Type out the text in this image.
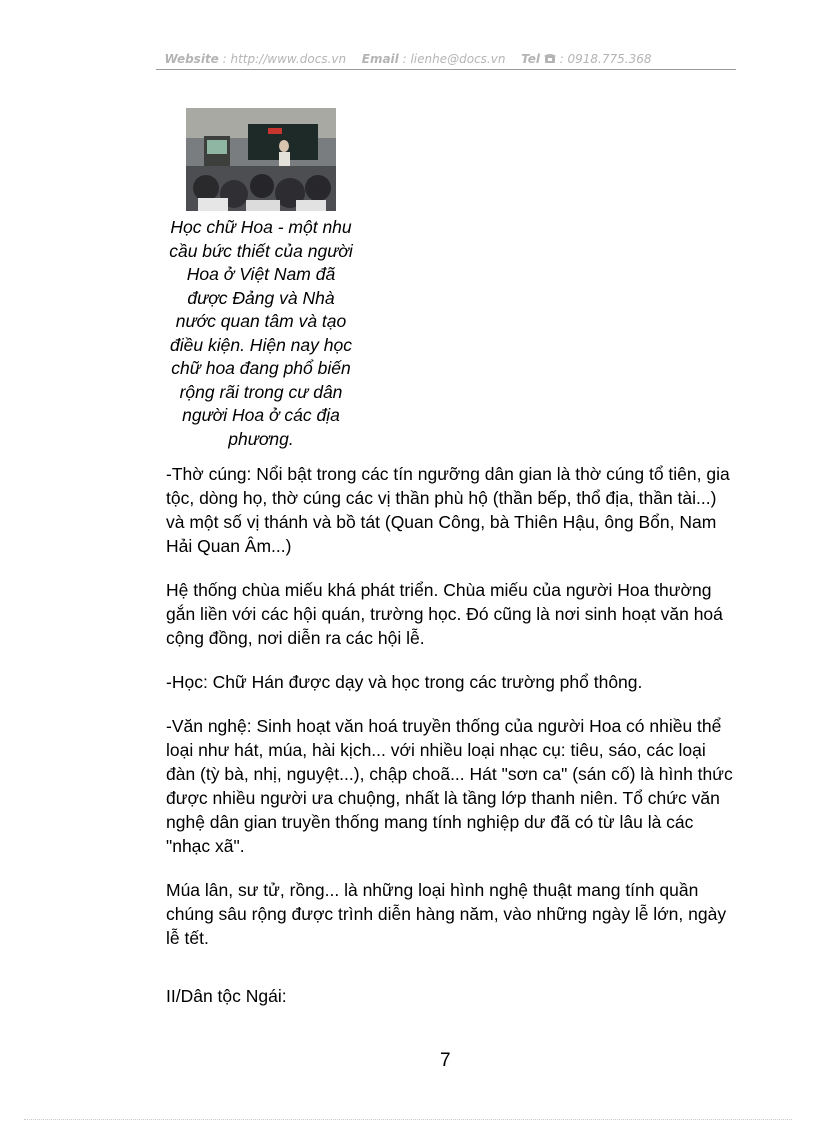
Website : http://www.docs.vn Email : lienhe@docs.vn Tel : 0918.775.368
Học chữ Hoa - một nhu cầu bức thiết của người Hoa ở Việt Nam đã được Đảng và Nhà nước quan tâm và tạo điều kiện. Hiện nay học chữ hoa đang phổ biến rộng rãi trong cư dân người Hoa ở các địa phương.

-Thờ cúng: Nổi bật trong các tín ngưỡng dân gian là thờ cúng tổ tiên, gia tộc, dòng họ, thờ cúng các vị thần phù hộ (thần bếp, thổ địa, thần tài...) và một số vị thánh và bồ tát (Quan Công, bà Thiên Hậu, ông Bổn, Nam Hải Quan Âm...)

Hệ thống chùa miếu khá phát triển. Chùa miếu của người Hoa thường gắn liền với các hội quán, trường học. Đó cũng là nơi sinh hoạt văn hoá cộng đồng, nơi diễn ra các hội lễ.

-Học: Chữ Hán được dạy và học trong các trường phổ thông.

-Văn nghệ: Sinh hoạt văn hoá truyền thống của người Hoa có nhiều thể loại như hát, múa, hài kịch... với nhiều loại nhạc cụ: tiêu, sáo, các loại đàn (tỳ bà, nhị, nguyệt...), chập choã... Hát "sơn ca" (sán cố) là hình thức được nhiều người ưa chuộng, nhất là tầng lớp thanh niên. Tổ chức văn nghệ dân gian truyền thống mang tính nghiệp dư đã có từ lâu là các "nhạc xã".

Múa lân, sư tử, rồng... là những loại hình nghệ thuật mang tính quần chúng sâu rộng được trình diễn hàng năm, vào những ngày lễ lớn, ngày lễ tết.

II/Dân tộc Ngái:
7
